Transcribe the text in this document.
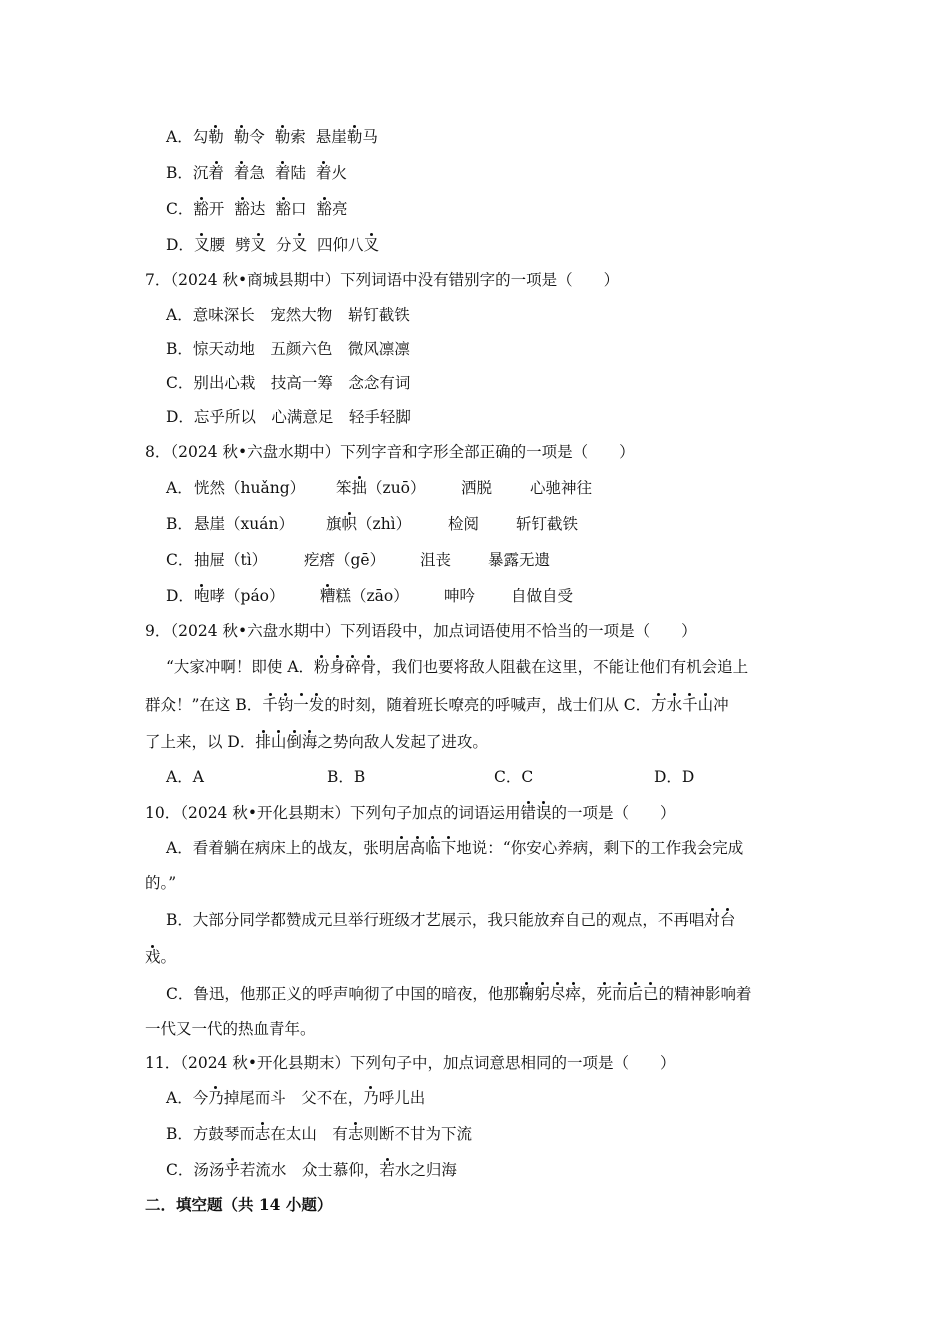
A．勾勒 勒令 勒索 悬崖勒马
B．沉着 着急 着陆 着火
C．豁开 豁达 豁口 豁亮
D．叉腰 劈叉 分叉 四仰八叉
7．（2024 秋•商城县期中）下列词语中没有错别字的一项是（　　）
A．意味深长　宠然大物　崭钉截铁
B．惊天动地　五颜六色　微风凛凛
C．别出心栽　技高一筹　念念有词
D．忘乎所以　心满意足　轻手轻脚
8．（2024 秋•六盘水期中）下列字音和字形全部正确的一项是（　　）
A． 恍然（huǎng） 笨拙（zuō） 洒脱 心驰神往
B． 悬崖（xuán） 旗帜（zhì） 检阅 斩钉截铁
C． 抽屉（tì） 疙瘩（gē） 沮丧 暴露无遗
D． 咆哮（páo） 糟糕（zāo） 呻吟 自做自受
9．（2024 秋•六盘水期中）下列语段中，加点词语使用不恰当的一项是（　　）
“大家冲啊！即使 A．粉身碎骨，我们也要将敌人阻截在这里，不能让他们有机会追上
群众！”在这 B．千钧一发的时刻，随着班长嘹亮的呼喊声，战士们从 C．万水千山冲
了上来，以 D．排山倒海之势向敌人发起了进攻。
A．A	B．B	C．C	D．D
10．（2024 秋•开化县期末）下列句子加点的词语运用错误的一项是（　　）
A．看着躺在病床上的战友，张明居高临下地说：“你安心养病，剩下的工作我会完成
的。”
B．大部分同学都赞成元旦举行班级才艺展示，我只能放弃自己的观点，不再唱对台
戏。
C．鲁迅，他那正义的呼声响彻了中国的暗夜，他那鞠躬尽瘁，死而后已的精神影响着
一代又一代的热血青年。
11．（2024 秋•开化县期末）下列句子中，加点词意思相同的一项是（　　）
A．今乃掉尾而斗　父不在，乃呼儿出
B．方鼓琴而志在太山　有志则断不甘为下流
C．汤汤乎若流水　众士慕仰，若水之归海
二．填空题（共 14 小题）
